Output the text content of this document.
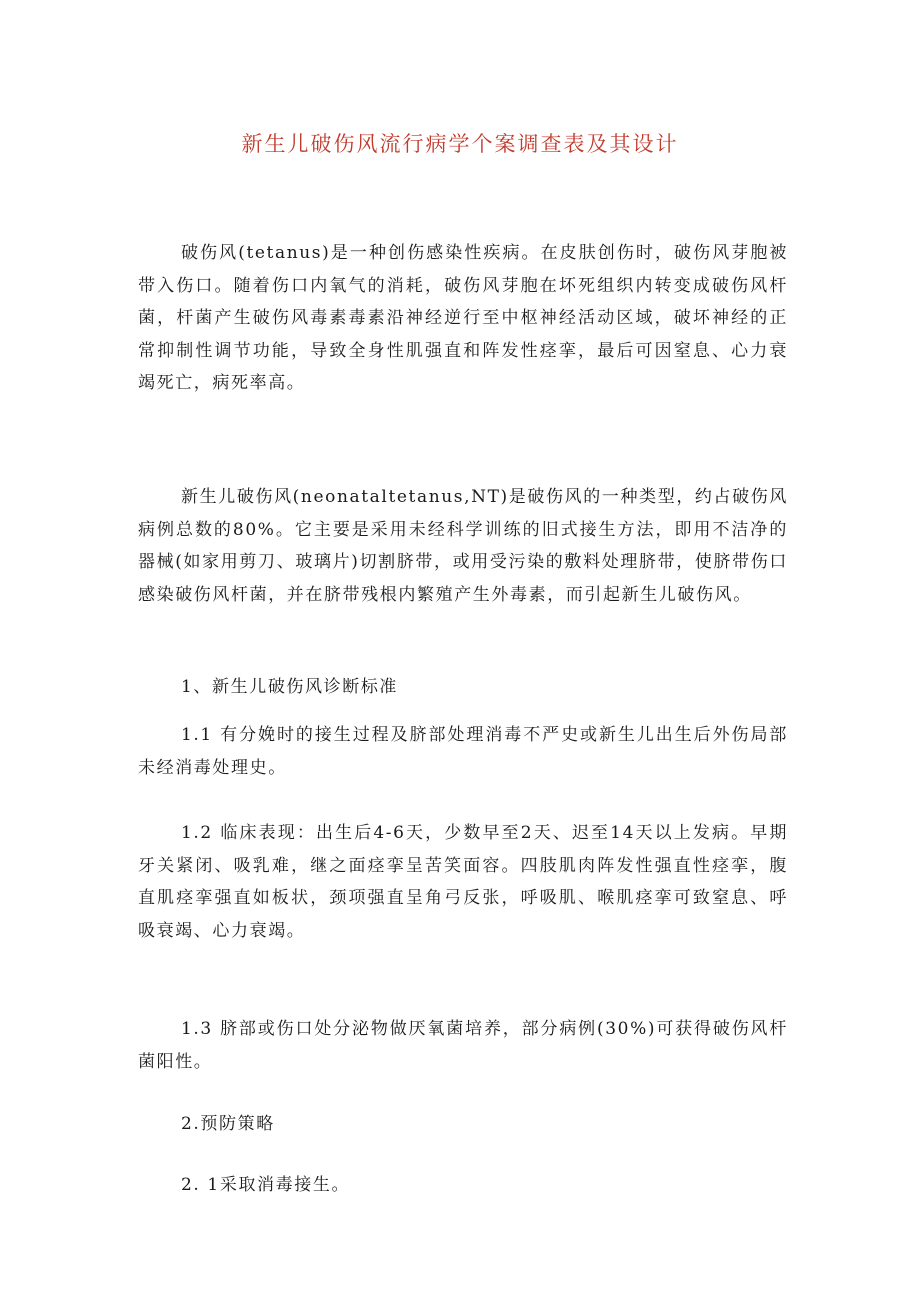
新生儿破伤风流行病学个案调查表及其设计

破伤风(tetanus)是一种创伤感染性疾病。在皮肤创伤时，破伤风芽胞被带入伤口。随着伤口内氧气的消耗，破伤风芽胞在坏死组织内转变成破伤风杆菌，杆菌产生破伤风毒素毒素沿神经逆行至中枢神经活动区域，破坏神经的正常抑制性调节功能，导致全身性肌强直和阵发性痉挛，最后可因窒息、心力衰竭死亡，病死率高。

新生儿破伤风(neonataltetanus,NT)是破伤风的一种类型，约占破伤风病例总数的80%。它主要是采用未经科学训练的旧式接生方法，即用不洁净的器械(如家用剪刀、玻璃片)切割脐带，或用受污染的敷料处理脐带，使脐带伤口感染破伤风杆菌，并在脐带残根内繁殖产生外毒素，而引起新生儿破伤风。

1、新生儿破伤风诊断标准

1.1 有分娩时的接生过程及脐部处理消毒不严史或新生儿出生后外伤局部未经消毒处理史。

1.2 临床表现：出生后4-6天，少数早至2天、迟至14天以上发病。早期牙关紧闭、吸乳难，继之面痉挛呈苦笑面容。四肢肌肉阵发性强直性痉挛，腹直肌痉挛强直如板状，颈项强直呈角弓反张，呼吸肌、喉肌痉挛可致窒息、呼吸衰竭、心力衰竭。

1.3 脐部或伤口处分泌物做厌氧菌培养，部分病例(30%)可获得破伤风杆菌阳性。

2.预防策略

2. 1采取消毒接生。
